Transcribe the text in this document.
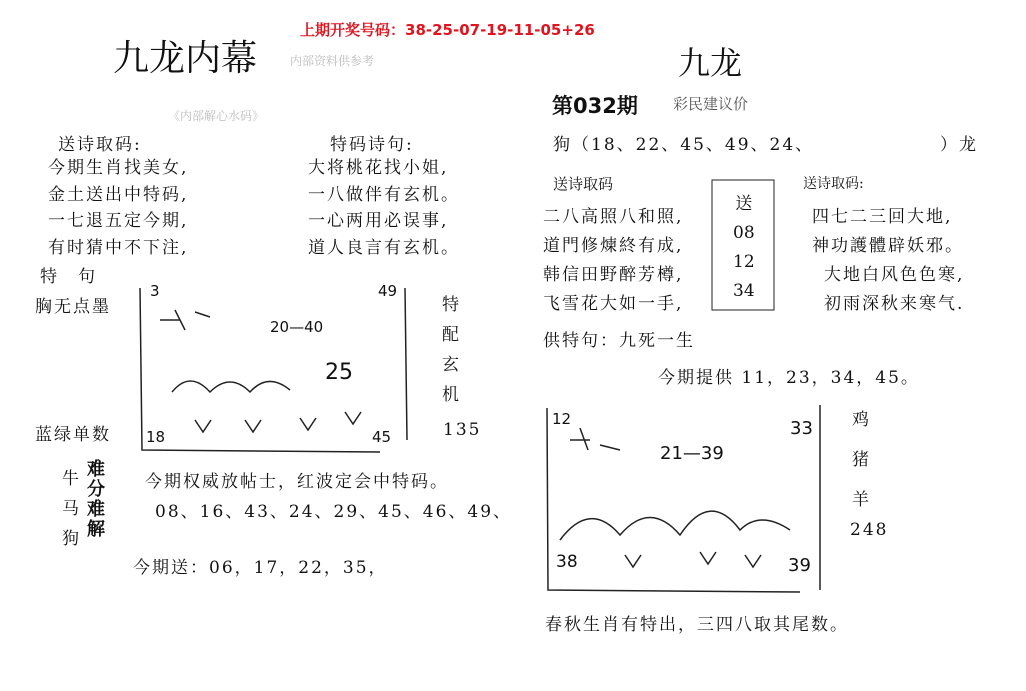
上期开奖号码：38-25-07-19-11-05+26
九龙内幕	内部资料供参考
《内部解心水码》
送诗取码:	特码诗句:
今期生肖找美女,
金土送出中特码,
一七退五定今期,
有时猜中不下注,
大将桃花找小姐,
一八做伴有玄机。
一心两用必误事,
道人良言有玄机。
特　句
胸无点墨
蓝绿单数
特
配
玄
机
135
3	49
20—40
25
18	45
牛
马
狗
难
分
难
解
今期权威放帖士，红波定会中特码。
08、16、43、24、29、45、46、49、
今期送：06，17，22，35，
九龙
第032期 彩民建议价
狗（18、22、45、49、24、	）龙
送诗取码	送诗取码:
二八高照八和照,
道門修煉終有成,
韩信田野醉芳樽,
飞雪花大如一手,
送
08
12
34
四七二三回大地,
神功護體辟妖邪。
大地白风色色寒,
初雨深秋来寒气.
供特句：九死一生
今期提供 11，23，34，45。
12	33
21—39
38	39
鸡
猪
羊
248
春秋生肖有特出，三四八取其尾数。
